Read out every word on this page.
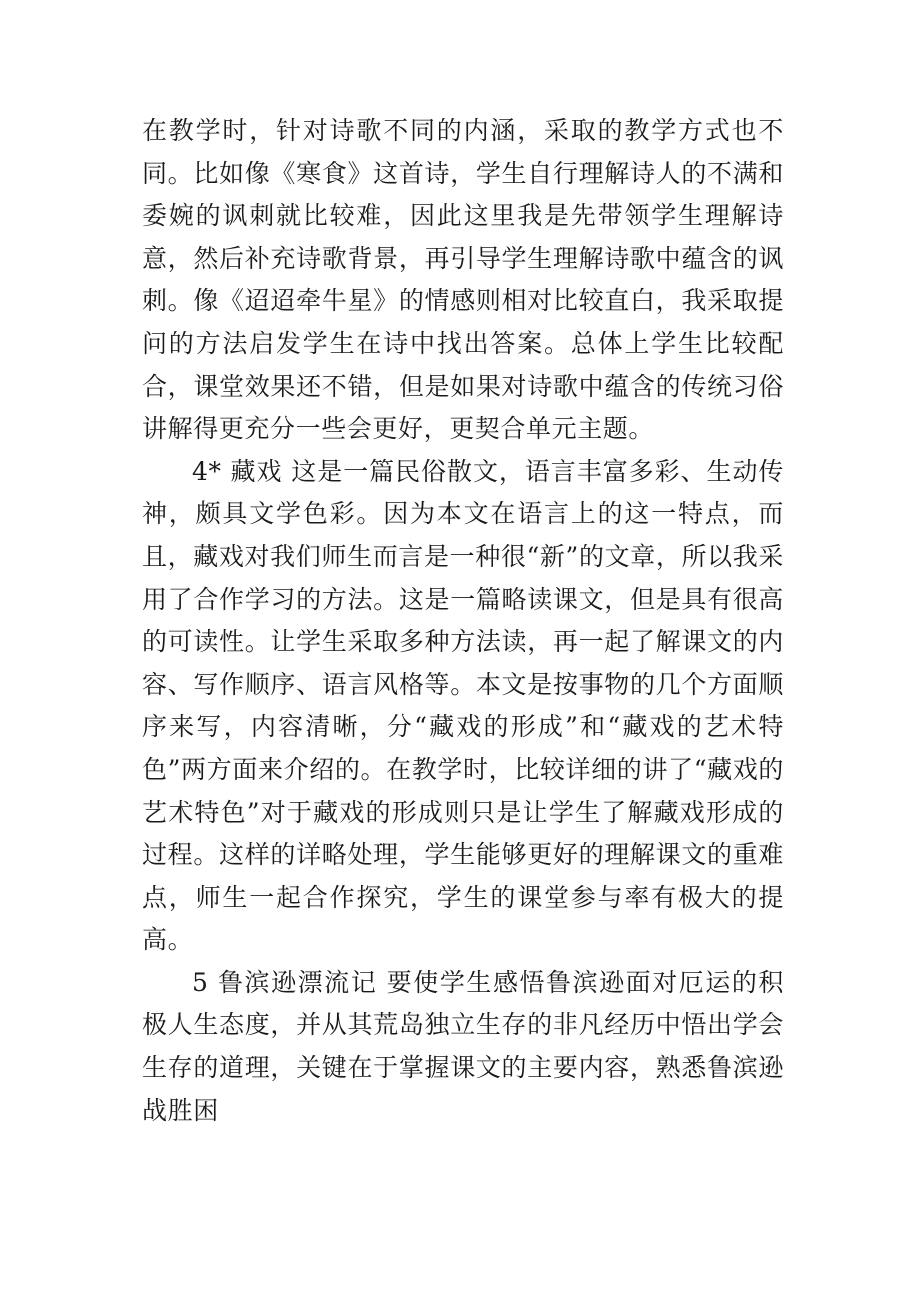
在教学时，针对诗歌不同的内涵，采取的教学方式也不同。比如像《寒食》这首诗，学生自行理解诗人的不满和委婉的讽刺就比较难，因此这里我是先带领学生理解诗意，然后补充诗歌背景，再引导学生理解诗歌中蕴含的讽刺。像《迢迢牵牛星》的情感则相对比较直白，我采取提问的方法启发学生在诗中找出答案。总体上学生比较配合，课堂效果还不错，但是如果对诗歌中蕴含的传统习俗讲解得更充分一些会更好，更契合单元主题。

4* 藏戏 这是一篇民俗散文，语言丰富多彩、生动传神，颇具文学色彩。因为本文在语言上的这一特点，而且，藏戏对我们师生而言是一种很“新”的文章，所以我采用了合作学习的方法。这是一篇略读课文，但是具有很高的可读性。让学生采取多种方法读，再一起了解课文的内容、写作顺序、语言风格等。本文是按事物的几个方面顺序来写，内容清晰，分“藏戏的形成”和“藏戏的艺术特色”两方面来介绍的。在教学时，比较详细的讲了“藏戏的艺术特色”对于藏戏的形成则只是让学生了解藏戏形成的过程。这样的详略处理，学生能够更好的理解课文的重难点，师生一起合作探究，学生的课堂参与率有极大的提高。

5 鲁滨逊漂流记 要使学生感悟鲁滨逊面对厄运的积极人生态度，并从其荒岛独立生存的非凡经历中悟出学会生存的道理，关键在于掌握课文的主要内容，熟悉鲁滨逊战胜困
